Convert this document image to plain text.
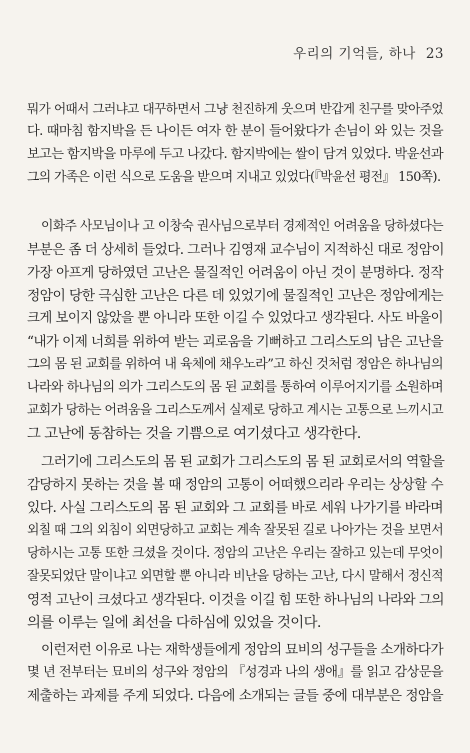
우리의 기억들, 하나 23
뭐가 어때서 그러냐고 대꾸하면서 그냥 천진하게 웃으며 반갑게 친구를 맞아주었
다. 때마침 함지박을 든 나이든 여자 한 분이 들어왔다가 손님이 와 있는 것을
보고는 함지박을 마루에 두고 나갔다. 함지박에는 쌀이 담겨 있었다. 박윤선과
그의 가족은 이런 식으로 도움을 받으며 지내고 있었다(『박윤선 평전』 150쪽).
이화주 사모님이나 고 이창숙 권사님으로부터 경제적인 어려움을 당하셨다는
부분은 좀 더 상세히 들었다. 그러나 김영재 교수님이 지적하신 대로 정암이
가장 아프게 당하였던 고난은 물질적인 어려움이 아닌 것이 분명하다. 정작
정암이 당한 극심한 고난은 다른 데 있었기에 물질적인 고난은 정암에게는
크게 보이지 않았을 뿐 아니라 또한 이길 수 있었다고 생각된다. 사도 바울이
“내가 이제 너희를 위하여 받는 괴로움을 기뻐하고 그리스도의 남은 고난을
그의 몸 된 교회를 위하여 내 육체에 채우노라”고 하신 것처럼 정암은 하나님의
나라와 하나님의 의가 그리스도의 몸 된 교회를 통하여 이루어지기를 소원하며
교회가 당하는 어려움을 그리스도께서 실제로 당하고 계시는 고통으로 느끼시고
그 고난에 동참하는 것을 기쁨으로 여기셨다고 생각한다.
그러기에 그리스도의 몸 된 교회가 그리스도의 몸 된 교회로서의 역할을
감당하지 못하는 것을 볼 때 정암의 고통이 어떠했으리라 우리는 상상할 수
있다. 사실 그리스도의 몸 된 교회와 그 교회를 바로 세워 나가기를 바라며
외칠 때 그의 외침이 외면당하고 교회는 계속 잘못된 길로 나아가는 것을 보면서
당하시는 고통 또한 크셨을 것이다. 정암의 고난은 우리는 잘하고 있는데 무엇이
잘못되었단 말이냐고 외면할 뿐 아니라 비난을 당하는 고난, 다시 말해서 정신적
영적 고난이 크셨다고 생각된다. 이것을 이길 힘 또한 하나님의 나라와 그의
의를 이루는 일에 최선을 다하심에 있었을 것이다.
이런저런 이유로 나는 재학생들에게 정암의 묘비의 성구들을 소개하다가
몇 년 전부터는 묘비의 성구와 정암의 『성경과 나의 생애』를 읽고 감상문을
제출하는 과제를 주게 되었다. 다음에 소개되는 글들 중에 대부분은 정암을
